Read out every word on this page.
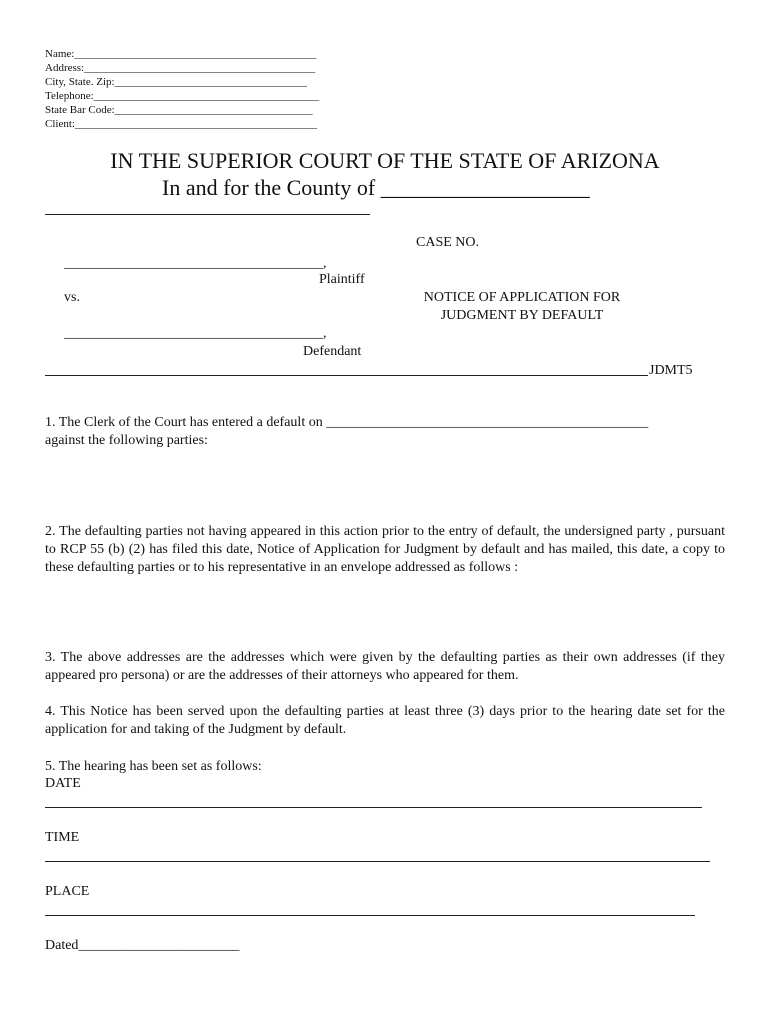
Name:____________________________________________
Address:__________________________________________
City, State. Zip:___________________________________
Telephone:_________________________________________
State Bar Code:____________________________________
Client:____________________________________________
IN THE SUPERIOR COURT OF THE STATE OF ARIZONA
In and for the County of ___________________
CASE NO.
_____________________________________,
Plaintiff
vs.	NOTICE OF APPLICATION FOR
JUDGMENT BY DEFAULT
_____________________________________,
Defendant
JDMT5
1. The Clerk of the Court has entered a default on ______________________________________________
against the following parties:
2. The defaulting parties not having appeared in this action prior to the entry of default, the undersigned party , pursuant to RCP 55 (b) (2) has filed this date, Notice of Application for Judgment by default and has mailed, this date, a copy to these defaulting parties or to his representative in an envelope addressed as follows :
3. The above addresses are the addresses which were given by the defaulting parties as their own addresses (if they appeared pro persona) or are the addresses of their attorneys who appeared for them.
4. This Notice has been served upon the defaulting parties at least three (3) days prior to the hearing date set for the application for and taking of the Judgment by default.
5. The hearing has been set as follows:
DATE
TIME
PLACE
Dated_______________________
